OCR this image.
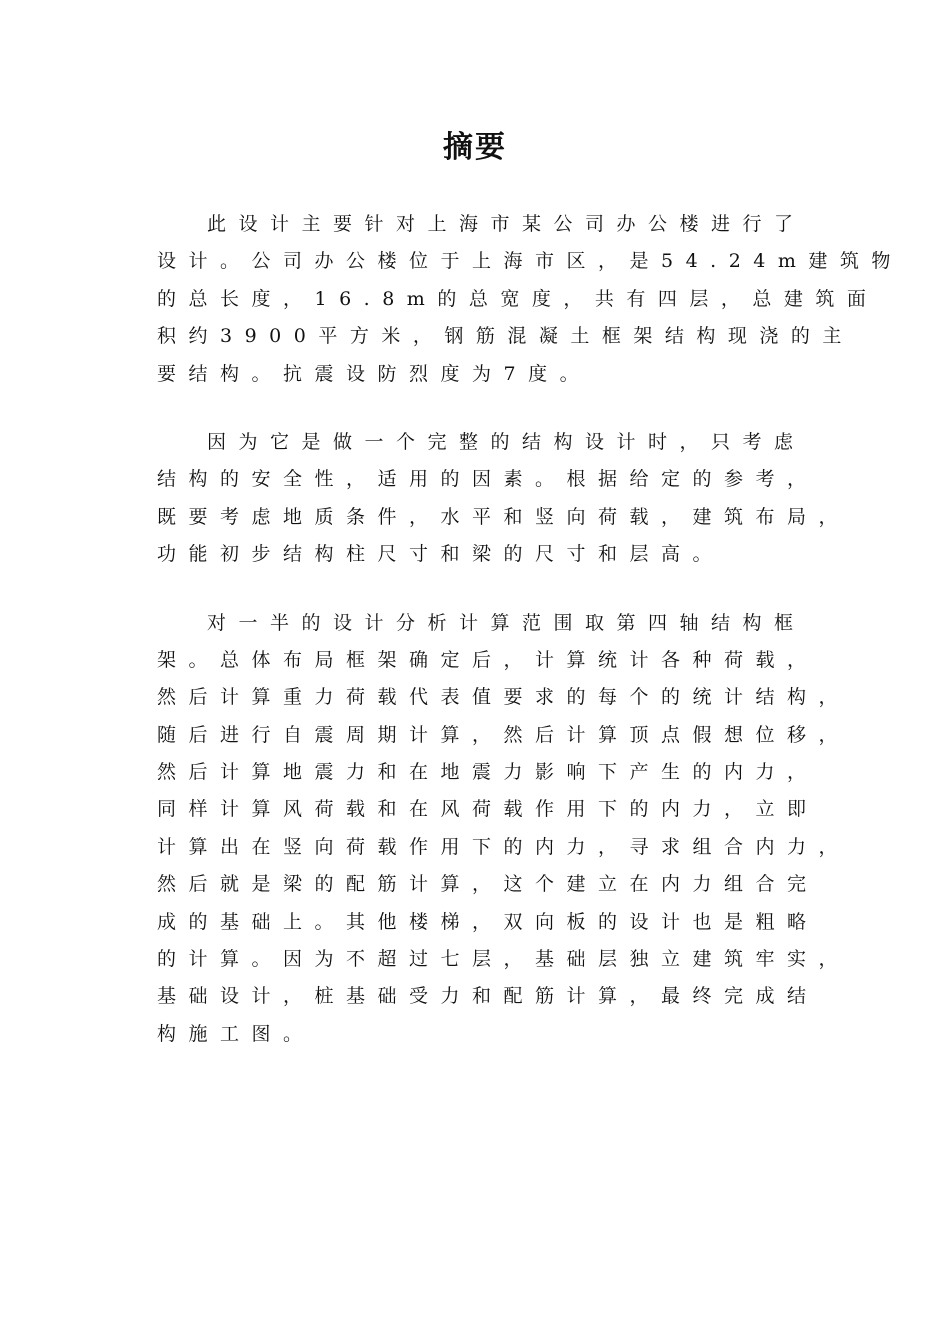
摘要
此设计主要针对上海市某公司办公楼进行了
设计。公司办公楼位于上海市区，是54.24m建筑物
的总长度，16.8m的总宽度，共有四层，总建筑面
积约3900平方米，钢筋混凝土框架结构现浇的主
要结构。抗震设防烈度为7度。
因为它是做一个完整的结构设计时，只考虑
结构的安全性，适用的因素。根据给定的参考，
既要考虑地质条件，水平和竖向荷载，建筑布局，
功能初步结构柱尺寸和梁的尺寸和层高。
对一半的设计分析计算范围取第四轴结构框
架。总体布局框架确定后，计算统计各种荷载，
然后计算重力荷载代表值要求的每个的统计结构，
随后进行自震周期计算，然后计算顶点假想位移，
然后计算地震力和在地震力影响下产生的内力，
同样计算风荷载和在风荷载作用下的内力，立即
计算出在竖向荷载作用下的内力，寻求组合内力，
然后就是梁的配筋计算，这个建立在内力组合完
成的基础上。其他楼梯，双向板的设计也是粗略
的计算。因为不超过七层，基础层独立建筑牢实，
基础设计，桩基础受力和配筋计算，最终完成结
构施工图。
